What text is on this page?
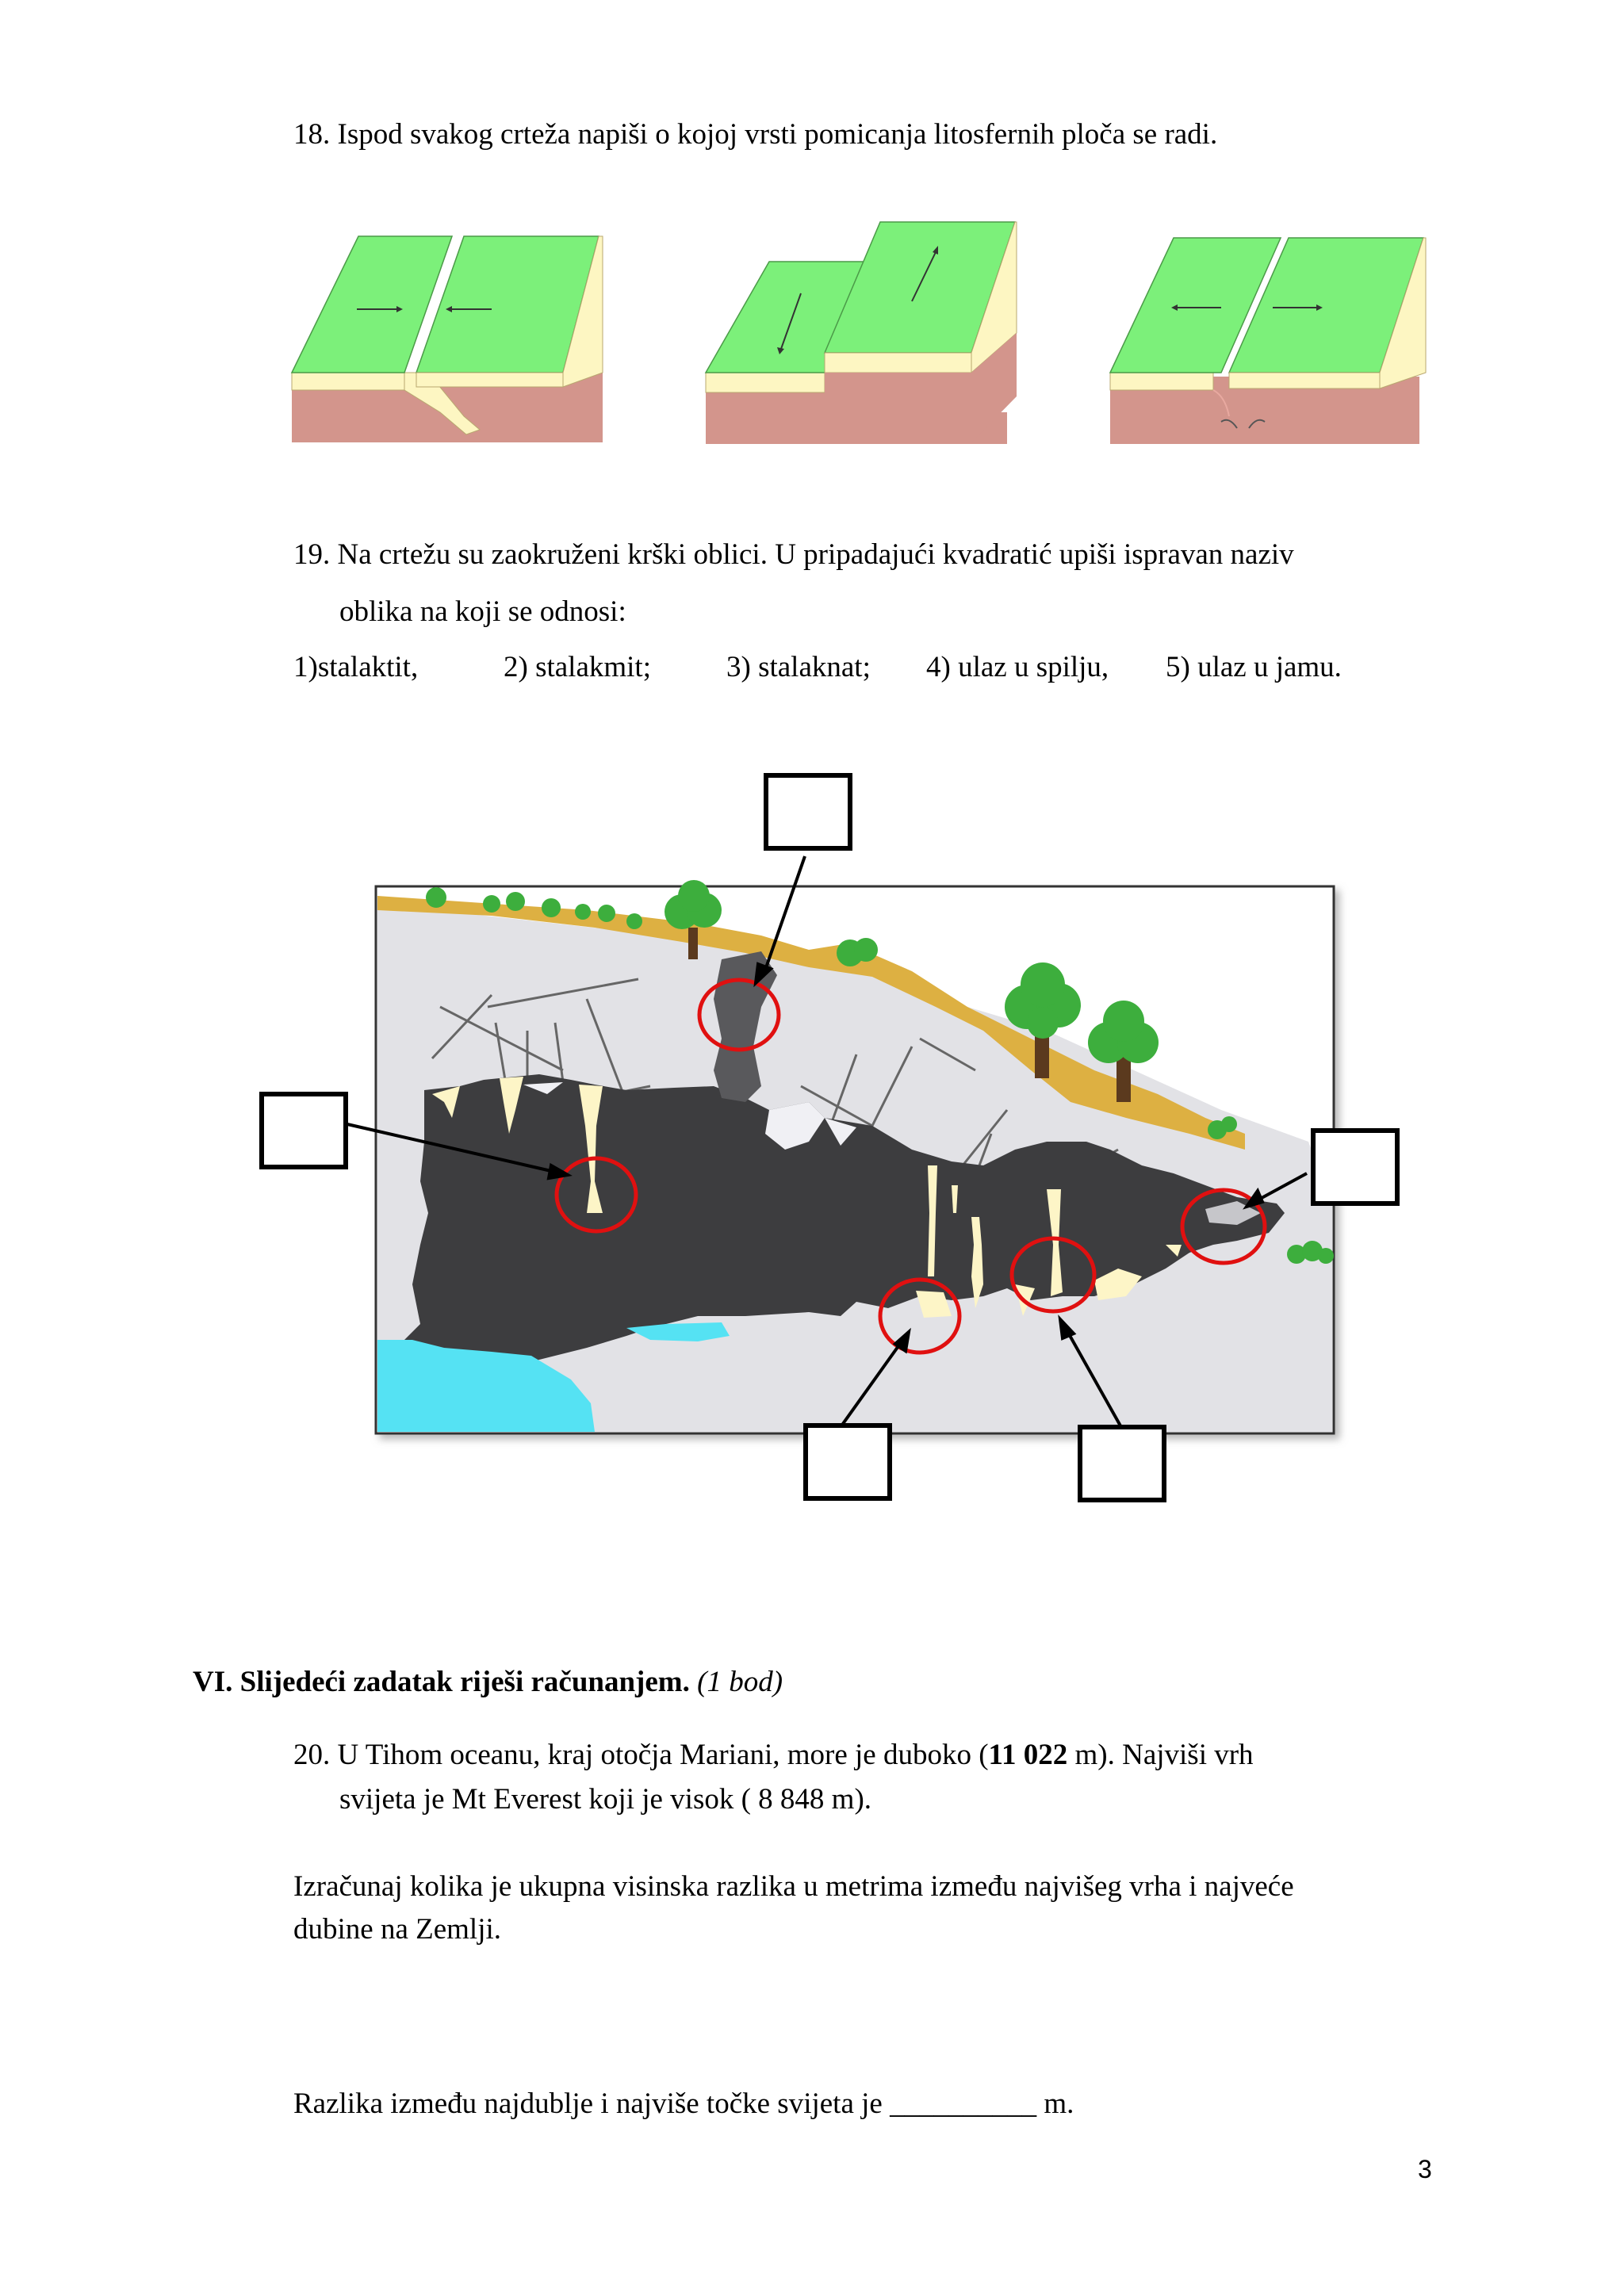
18. Ispod svakog crteža napiši o kojoj vrsti pomicanja litosfernih ploča se radi.
19. Na crtežu su zaokruženi krški oblici. U pripadajući kvadratić upiši ispravan naziv
oblika na koji se odnosi:
1)stalaktit,	2) stalakmit;	3) stalaknat; 4) ulaz u spilju, 5) ulaz u jamu.
VI. Slijedeći zadatak riješi računanjem. (1 bod)
20. U Tihom oceanu, kraj otočja Mariani, more je duboko (11 022 m). Najviši vrh
svijeta je Mt Everest koji je visok ( 8 848 m).
Izračunaj kolika je ukupna visinska razlika u metrima između najvišeg vrha i najveće
dubine na Zemlji.
Razlika između najdublje i najviše točke svijeta je __________ m.
3
